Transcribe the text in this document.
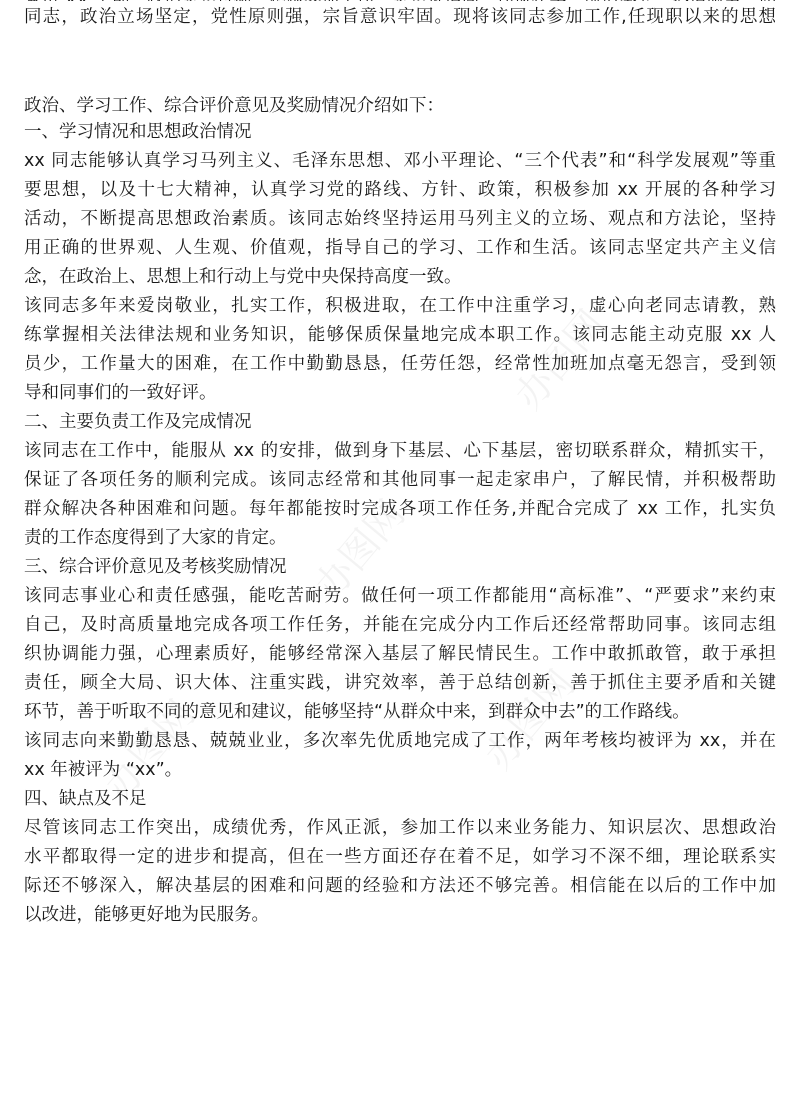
同志，政治立场坚定，党性原则强，宗旨意识牢固。现将该同志参加工作,任现职以来的思想
政治、学习工作、综合评价意见及奖励情况介绍如下：
一、学习情况和思想政治情况
xx 同志能够认真学习马列主义、毛泽东思想、邓小平理论、“三个代表”和“科学发展观”等重
要思想，以及十七大精神，认真学习党的路线、方针、政策，积极参加 xx 开展的各种学习
活动，不断提高思想政治素质。该同志始终坚持运用马列主义的立场、观点和方法论，坚持
用正确的世界观、人生观、价值观，指导自己的学习、工作和生活。该同志坚定共产主义信
念，在政治上、思想上和行动上与党中央保持高度一致。
该同志多年来爱岗敬业，扎实工作，积极进取，在工作中注重学习，虚心向老同志请教，熟
练掌握相关法律法规和业务知识，能够保质保量地完成本职工作。该同志能主动克服 xx 人
员少，工作量大的困难，在工作中勤勤恳恳，任劳任怨，经常性加班加点毫无怨言，受到领
导和同事们的一致好评。
二、主要负责工作及完成情况
该同志在工作中，能服从 xx 的安排，做到身下基层、心下基层，密切联系群众，精抓实干，
保证了各项任务的顺利完成。该同志经常和其他同事一起走家串户，了解民情，并积极帮助
群众解决各种困难和问题。每年都能按时完成各项工作任务,并配合完成了 xx 工作，扎实负
责的工作态度得到了大家的肯定。
三、综合评价意见及考核奖励情况
该同志事业心和责任感强，能吃苦耐劳。做任何一项工作都能用“高标准”、“严要求”来约束
自己，及时高质量地完成各项工作任务，并能在完成分内工作后还经常帮助同事。该同志组
织协调能力强，心理素质好，能够经常深入基层了解民情民生。工作中敢抓敢管，敢于承担
责任，顾全大局、识大体、注重实践，讲究效率，善于总结创新，善于抓住主要矛盾和关键
环节，善于听取不同的意见和建议，能够坚持“从群众中来，到群众中去”的工作路线。
该同志向来勤勤恳恳、兢兢业业，多次率先优质地完成了工作，两年考核均被评为 xx，并在
xx 年被评为 “xx”。
四、缺点及不足
尽管该同志工作突出，成绩优秀，作风正派，参加工作以来业务能力、知识层次、思想政治
水平都取得一定的进步和提高，但在一些方面还存在着不足，如学习不深不细，理论联系实
际还不够深入，解决基层的困难和问题的经验和方法还不够完善。相信能在以后的工作中加
以改进，能够更好地为民服务。
